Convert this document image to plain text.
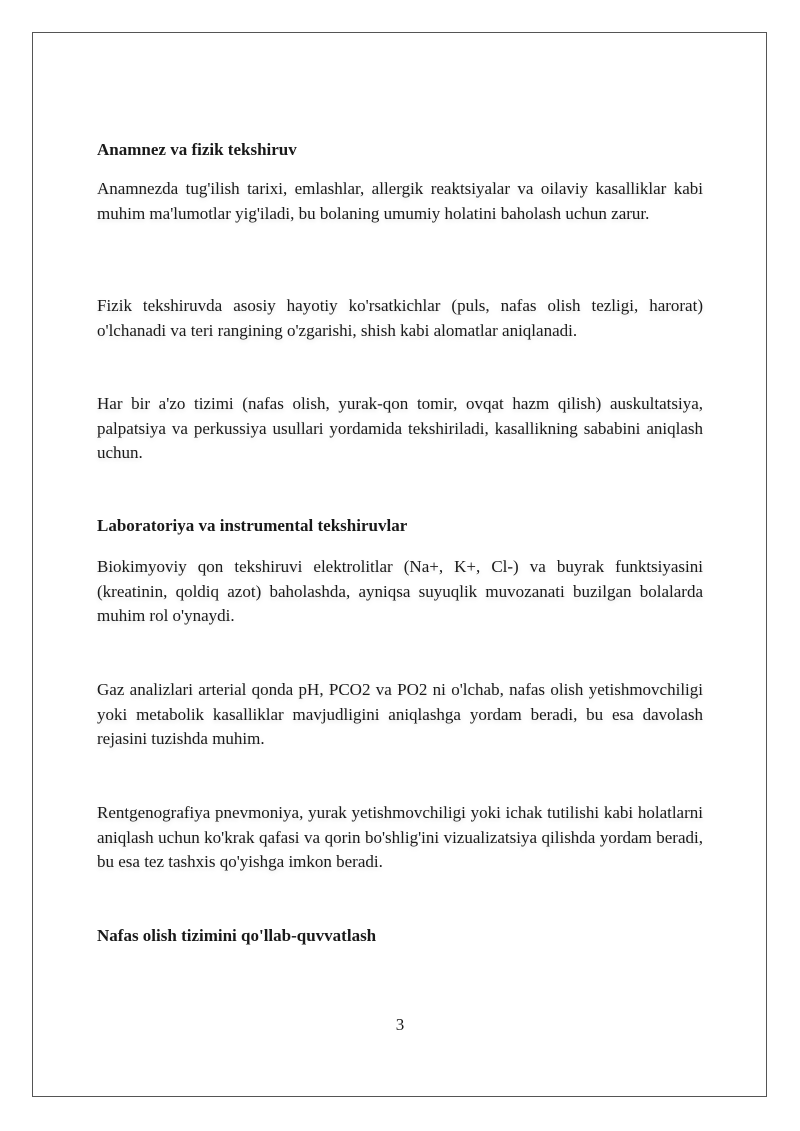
Anamnez va fizik tekshiruv

Anamnezda tug'ilish tarixi, emlashlar, allergik reaktsiyalar va oilaviy kasalliklar kabi muhim ma'lumotlar yig'iladi, bu bolaning umumiy holatini baholash uchun zarur.

Fizik tekshiruvda asosiy hayotiy ko'rsatkichlar (puls, nafas olish tezligi, harorat) o'lchanadi va teri rangining o'zgarishi, shish kabi alomatlar aniqlanadi.

Har bir a'zo tizimi (nafas olish, yurak-qon tomir, ovqat hazm qilish) auskultatsiya, palpatsiya va perkussiya usullari yordamida tekshiriladi, kasallikning sababini aniqlash uchun.

Laboratoriya va instrumental tekshiruvlar

Biokimyoviy qon tekshiruvi elektrolitlar (Na+, K+, Cl-) va buyrak funktsiyasini (kreatinin, qoldiq azot) baholashda, ayniqsa suyuqlik muvozanati buzilgan bolalarda muhim rol o'ynaydi.

Gaz analizlari arterial qonda pH, PCO2 va PO2 ni o'lchab, nafas olish yetishmovchiligi yoki metabolik kasalliklar mavjudligini aniqlashga yordam beradi, bu esa davolash rejasini tuzishda muhim.

Rentgenografiya pnevmoniya, yurak yetishmovchiligi yoki ichak tutilishi kabi holatlarni aniqlash uchun ko'krak qafasi va qorin bo'shlig'ini vizualizatsiya qilishda yordam beradi, bu esa tez tashxis qo'yishga imkon beradi.

Nafas olish tizimini qo'llab-quvvatlash
3
